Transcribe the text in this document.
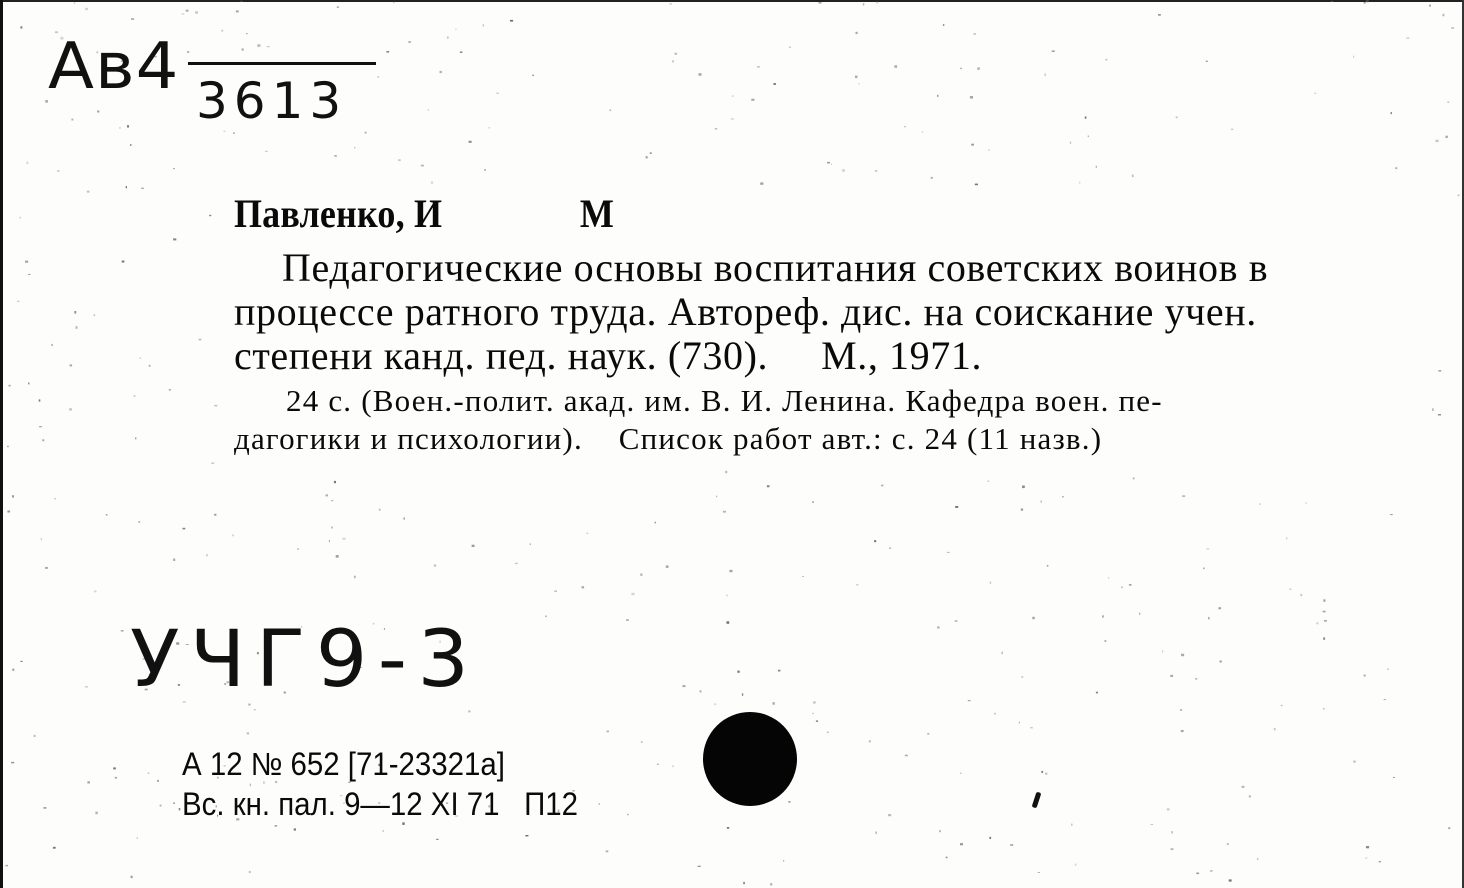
Ав4 3613
Павленко, И	М
Педагогические основы воспитания советских воинов в
процессе ратного труда. Автореф. дис. на соискание учен.
степени канд. пед. наук. (730).     М., 1971.
24 с. (Воен.-полит. акад. им. В. И. Ленина. Кафедра воен. пе-
дагогики и психологии).    Список работ авт.: с. 24 (11 назв.)
УЧГ9-3
А 12 № 652 [71-23321а]
Вс. кн. пал. 9—12 XI 71   П12
